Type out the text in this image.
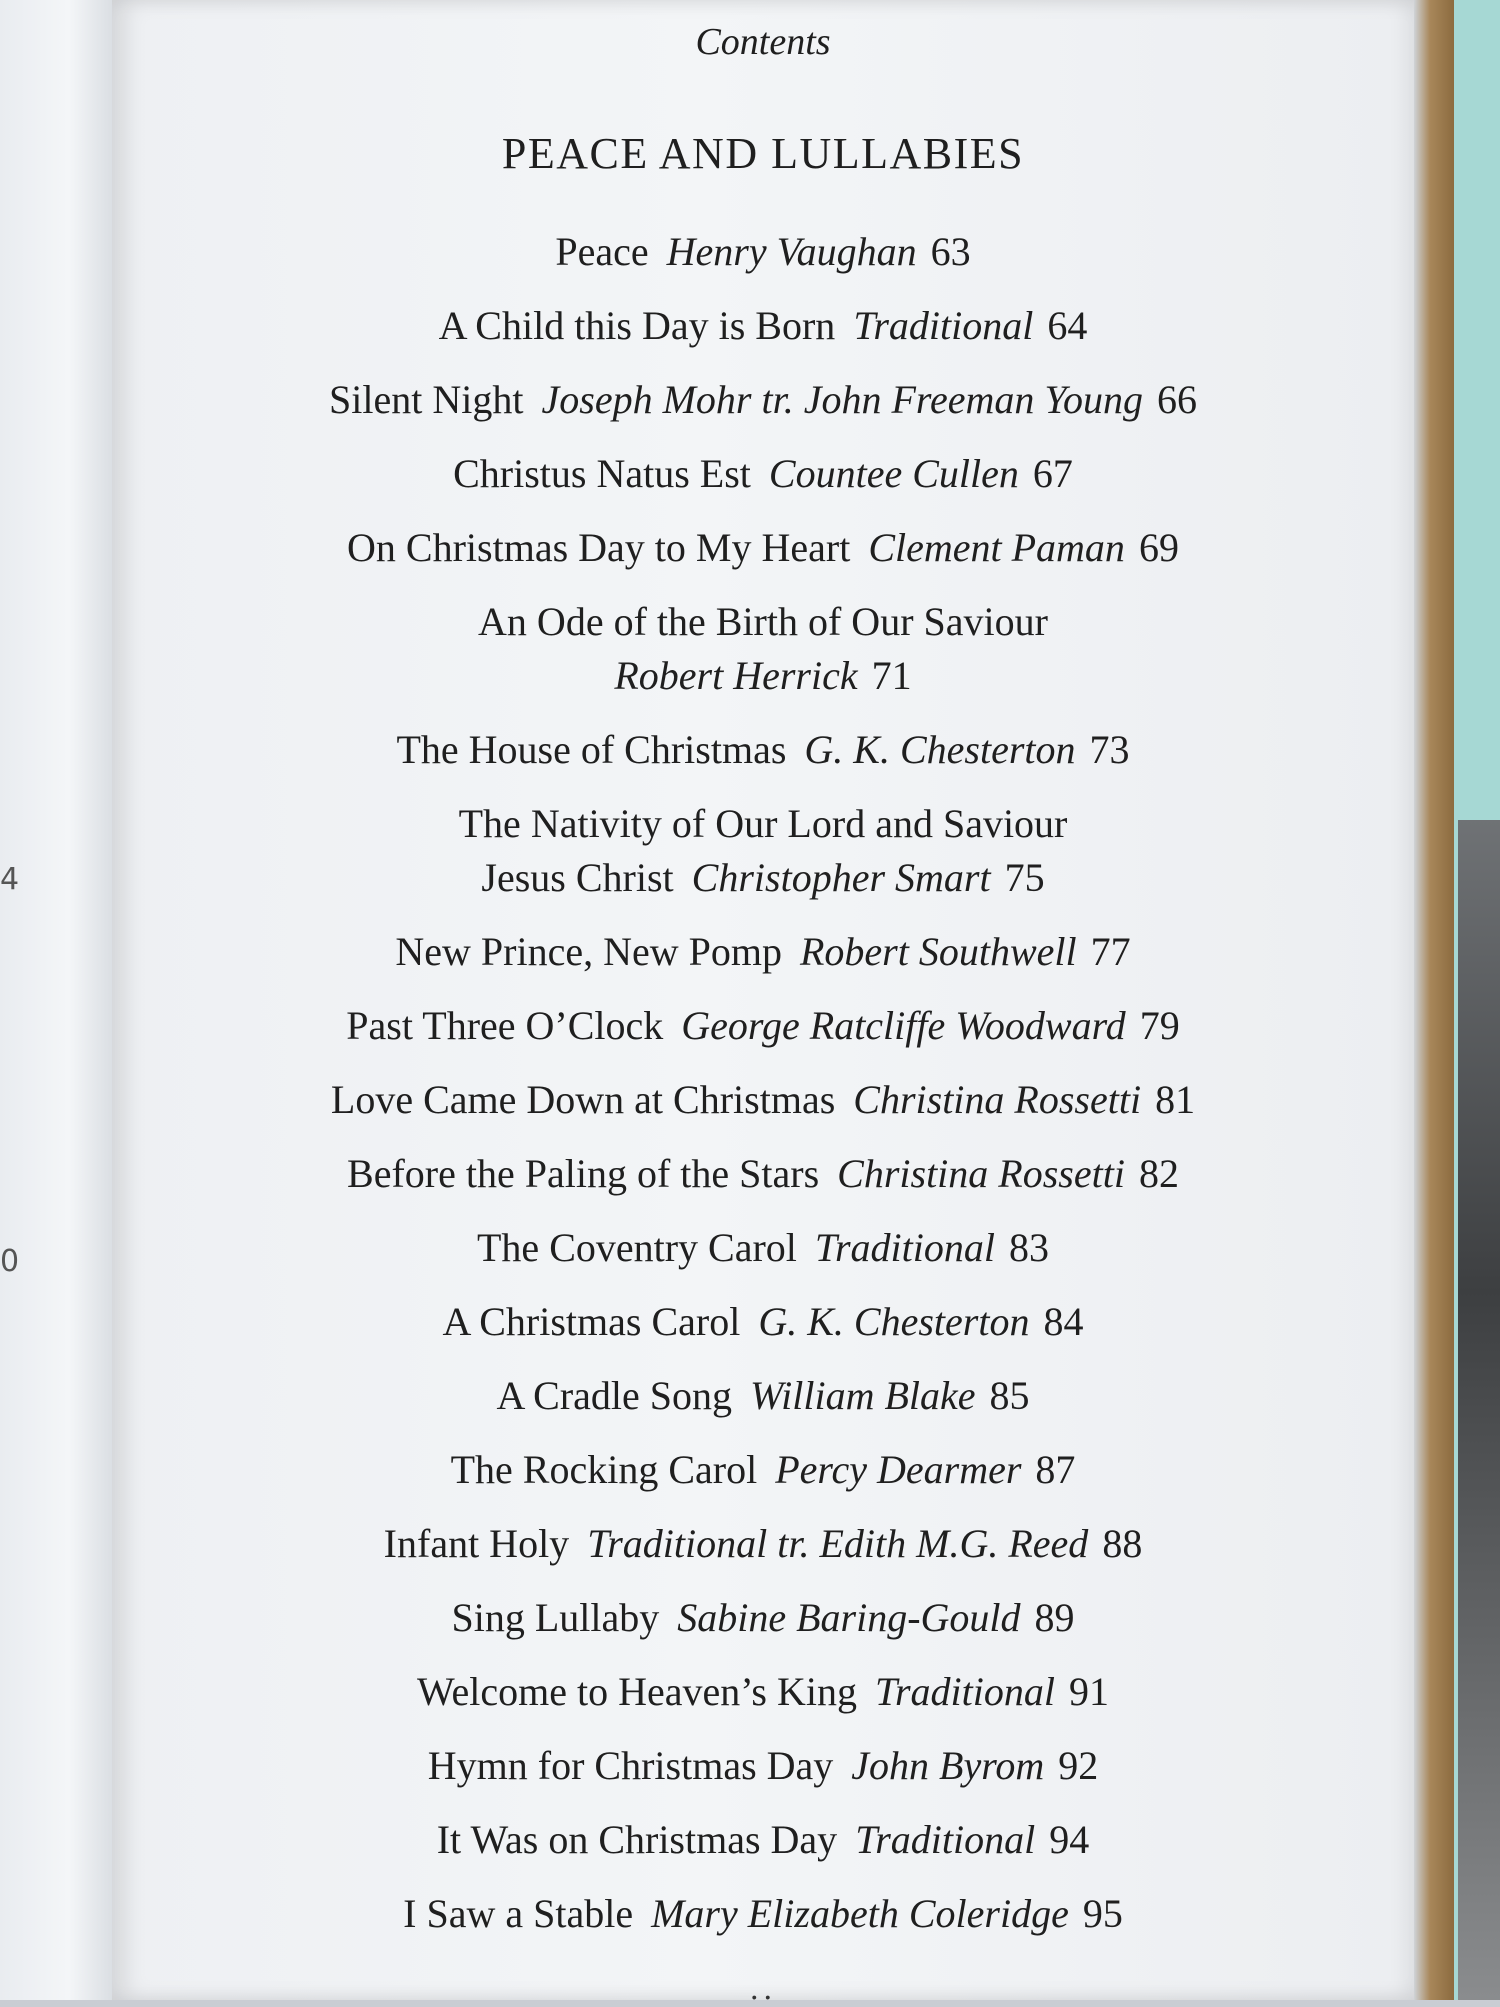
4
0
Contents
PEACE AND LULLABIES
Peace Henry Vaughan 63
A Child this Day is Born Traditional 64
Silent Night Joseph Mohr tr. John Freeman Young 66
Christus Natus Est Countee Cullen 67
On Christmas Day to My Heart Clement Paman 69
An Ode of the Birth of Our Saviour
Robert Herrick 71
The House of Christmas G. K. Chesterton 73
The Nativity of Our Lord and Saviour
Jesus Christ Christopher Smart 75
New Prince, New Pomp Robert Southwell 77
Past Three O’Clock George Ratcliffe Woodward 79
Love Came Down at Christmas Christina Rossetti 81
Before the Paling of the Stars Christina Rossetti 82
The Coventry Carol Traditional 83
A Christmas Carol G. K. Chesterton 84
A Cradle Song William Blake 85
The Rocking Carol Percy Dearmer 87
Infant Holy Traditional tr. Edith M.G. Reed 88
Sing Lullaby Sabine Baring-Gould 89
Welcome to Heaven’s King Traditional 91
Hymn for Christmas Day John Byrom 92
It Was on Christmas Day Traditional 94
I Saw a Stable Mary Elizabeth Coleridge 95
..
